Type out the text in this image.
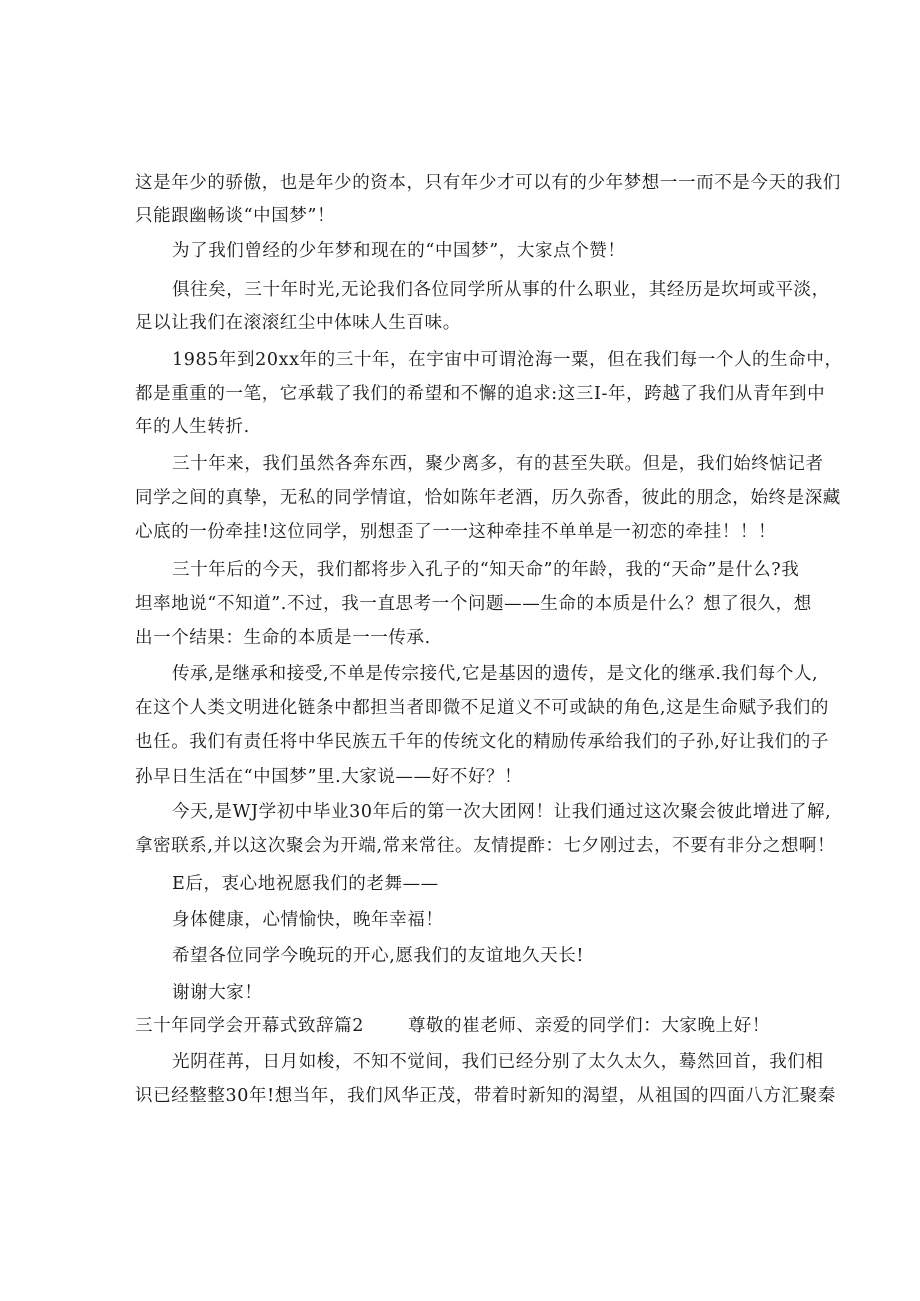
这是年少的骄傲，也是年少的资本，只有年少才可以有的少年梦想一一而不是今天的我们
只能跟幽畅谈“中国梦”！
为了我们曾经的少年梦和现在的“中国梦”，大家点个赞！
俱往矣，三十年时光,无论我们各位同学所从事的什么职业，其经历是坎坷或平淡，
足以让我们在滚滚红尘中体味人生百味。
1985年到20xx年的三十年，在宇宙中可谓沧海一粟，但在我们每一个人的生命中，
都是重重的一笔，它承载了我们的希望和不懈的追求:这三I-年，跨越了我们从青年到中
年的人生转折.
三十年来，我们虽然各奔东西，聚少离多，有的甚至失联。但是，我们始终惦记者
同学之间的真挚，无私的同学情谊，恰如陈年老酒，历久弥香，彼此的朋念，始终是深藏
心底的一份牵挂!这位同学，别想歪了一一这种牵挂不单单是一初恋的牵挂！！！
三十年后的今天，我们都将步入孔子的“知天命”的年龄，我的“天命”是什么?我
坦率地说“不知道”.不过，我一直思考一个问题——生命的本质是什么？想了很久，想
出一个结果：生命的本质是一一传承.
传承,是继承和接受,不单是传宗接代,它是基因的遗传，是文化的继承.我们每个人,
在这个人类文明进化链条中都担当者即微不足道义不可或缺的角色,这是生命赋予我们的
也任。我们有责任将中华民族五千年的传统文化的精励传承给我们的子孙,好让我们的子
孙早日生活在“中国梦”里.大家说——好不好？！
今天,是WJ学初中毕业30年后的第一次大团网！让我们通过这次聚会彼此增进了解,
拿密联系,并以这次聚会为开端,常来常往。友情提酢：七夕刚过去，不要有非分之想啊！
E后，衷心地祝愿我们的老舞——
身体健康，心情愉快，晚年幸福！
希望各位同学今晚玩的开心,愿我们的友谊地久天长!
谢谢大家！
三十年同学会开幕式致辞篇2	尊敬的崔老师、亲爱的同学们：大家晚上好！
光阴荏苒，日月如梭，不知不觉间，我们已经分别了太久太久，蓦然回首，我们相
识已经整整30年!想当年，我们风华正茂，带着时新知的渴望，从祖国的四面八方汇聚秦
